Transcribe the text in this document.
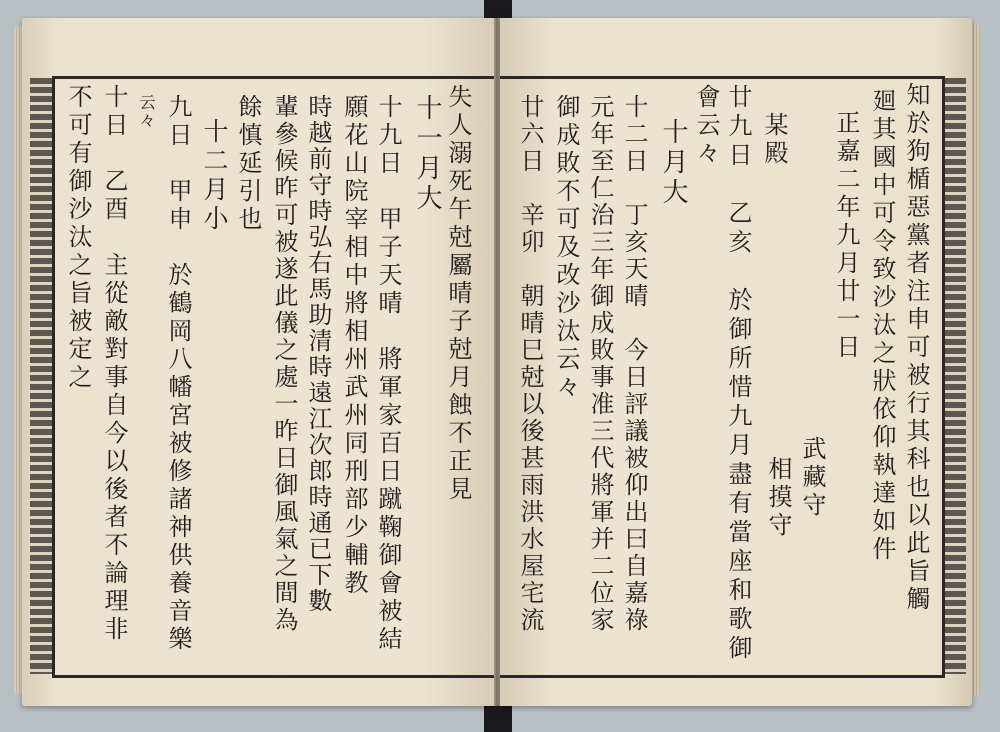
失人溺死午尅屬晴子尅月蝕不正見
十一月大
十九日　甲子天晴　將軍家百日蹴鞠御會被結
願花山院宰相中將相州武州同刑部少輔教
時越前守時弘右馬助清時遠江次郎時通已下數
輩參候昨可被遂此儀之處一昨日御風氣之間為
餘慎延引也
十二月小
九日　甲申　於鶴岡八幡宮被修諸神供養音樂
云々
十日　乙酉　主從敵對事自今以後者不論理非
不可有御沙汰之旨被定之	知於狗楯惡黨者注申可被行其科也以此旨觸
廻其國中可令致沙汰之狀依仰執達如件
正嘉二年九月廿一日
武藏守
相摸守
某殿
廿九日　乙亥　於御所惜九月盡有當座和歌御
會云々
十月大
十二日　丁亥天晴　今日評議被仰出曰自嘉祿
元年至仁治三年御成敗事准三代將軍并二位家
御成敗不可及改沙汰云々
廿六日　辛卯　朝晴巳尅以後甚雨洪水屋宅流
